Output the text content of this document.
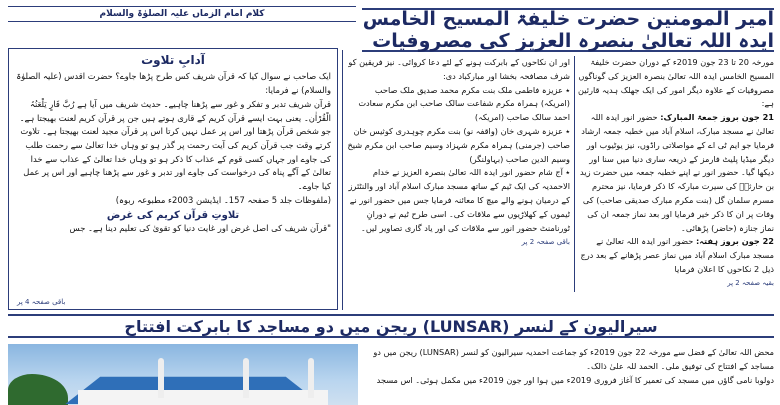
کلام امام الزماں علیہ الصلوٰۃ والسلام	امیر المومنین حضرت خلیفۃ المسیح الخامس ایدہ اللہ تعالیٰ بنصرہ العزیز کی مصروفیات
آدابِ تلاوت

ایک صاحب نے سوال کیا کہ قرآن شریف کس طرح پڑھا جاوے؟ حضرت اقدس (علیہ الصلوٰۃ والسلام) نے فرمایا:

قرآن شریف تدبر و تفکر و غور سے پڑھنا چاہیے۔ حدیث شریف میں آیا ہے رُبَّ قَارٍ یَلْعَنُہُ الْقُرْاٰن۔ یعنی بہت ایسے قرآن کریم کے قاری ہوتے ہیں جن پر قرآن کریم لعنت بھیجتا ہے۔ جو شخص قرآن پڑھتا اور اس پر عمل نہیں کرتا اس پر قرآن مجید لعنت بھیجتا ہے۔ تلاوت کرتے وقت جب قرآن کریم کی آیت رحمت پر گذر ہو تو وہاں خدا تعالیٰ سے رحمت طلب کی جاوے اور جہاں کسی قوم کے عذاب کا ذکر ہو تو وہاں خدا تعالیٰ کے عذاب سے خدا تعالیٰ کے آگے پناہ کی درخواست کی جاوے اور تدبر و غور سے پڑھنا چاہیے اور اس پر عمل کیا جاوے۔

(ملفوظات جلد 5 صفحہ 157۔ ایڈیشن 2003ء مطبوعہ ربوہ)

تلاوتِ قرآن کریم کی غرض

"قرآن شریف کی اصل غرض اور غایت دنیا کو تقویٰ کی تعلیم دینا ہے۔ جس

باقی صفحہ 4 پر

اور ان نکاحوں کے بابرکت ہونے کے لئے دعا کروائی۔ نیز فریقین کو شرف مصافحہ بخشا اور مبارکباد دی:

٭ عزیزہ فاطمی ملک بنت مکرم محمد صدیق ملک صاحب (امریکہ) ہمراہ مکرم شفاعت سالک صاحب ابن مکرم سعادت احمد سالک صاحب (امریکہ)

٭ عزیزہ شہری خان (واقفہ نو) بنت مکرم چوہدری کوثیس خان صاحب (جرمنی) ہمراہ مکرم شہزاد وسیم صاحب ابن مکرم شیخ وسیم الدین صاحب (بہاولنگر)

٭ آج شام حضور انور ایدہ اللہ تعالیٰ بنصرہ العزیز نے خدام الاحمدیہ کی ایک ٹیم کے ساتھ مسجد مبارک اسلام آباد اور والنٹئرز کے درمیان ہونے والے میچ کا معائنہ فرمایا جس میں حضور انور نے ٹیموں کے کھلاڑیوں سے ملاقات کی۔ اسی طرح ٹیم نے دورانِ ٹورنامنٹ حضور انور سے ملاقات کی اور یاد گاری تصاویر لیں۔

باقی صفحہ 2 پر

مورخہ 20 تا 23 جون 2019ء کے دوران حضرت خلیفۃ المسیح الخامس ایدہ اللہ تعالیٰ بنصرہ العزیز کی گوناگوں مصروفیات کے علاوہ دیگر امور کی ایک جھلک ہدیہ قارئین ہے:

21 جون بروز جمعۃ المبارک: حضور انور ایدہ اللہ تعالیٰ نے مسجد مبارک، اسلام آباد میں خطبہ جمعہ ارشاد فرمایا جو ایم ٹی اے کے مواصلاتی راڈوں، نیز یوٹیوب اور دیگر میڈیا پلیٹ فارمز کے ذریعہ ساری دنیا میں سنا اور دیکھا گیا۔ حضور انور نے اپنے خطبہ جمعہ میں حضرت زید بن حارثہؓ کی سیرت مبارکہ کا ذکر فرمایا، نیز محترم مسرم سلمان گل (بنت مکرم مبارک صدیقی صاحب) کی وفات پر ان کا ذکر خیر فرمایا اور بعد نماز جمعہ ان کی نماز جنازہ (حاضر) پڑھائی۔

22 جون بروز ہفتہ: حضور انور ایدہ اللہ تعالیٰ نے مسجد مبارک اسلام آباد میں نماز عصر پڑھانے کے بعد درج ذیل 2 نکاحوں کا اعلان فرمایا

بقیہ صفحہ 2 پر
سیرالیون کے لنسر (LUNSAR) ریجن میں دو مساجد کا بابرکت افتتاح

محض اللہ تعالیٰ کے فضل سے مورخہ 22 جون 2019ء کو جماعت احمدیہ سیرالیون کو لنسر (LUNSAR) ریجن میں دو مساجد کے افتتاح کی توفیق ملی۔ الحمد للہ علیٰ ذالک۔

دولوبا نامی گاؤں میں مسجد کی تعمیر کا آغاز فروری 2019ء میں ہوا اور جون 2019ء میں مکمل ہوئی۔ اس مسجد
